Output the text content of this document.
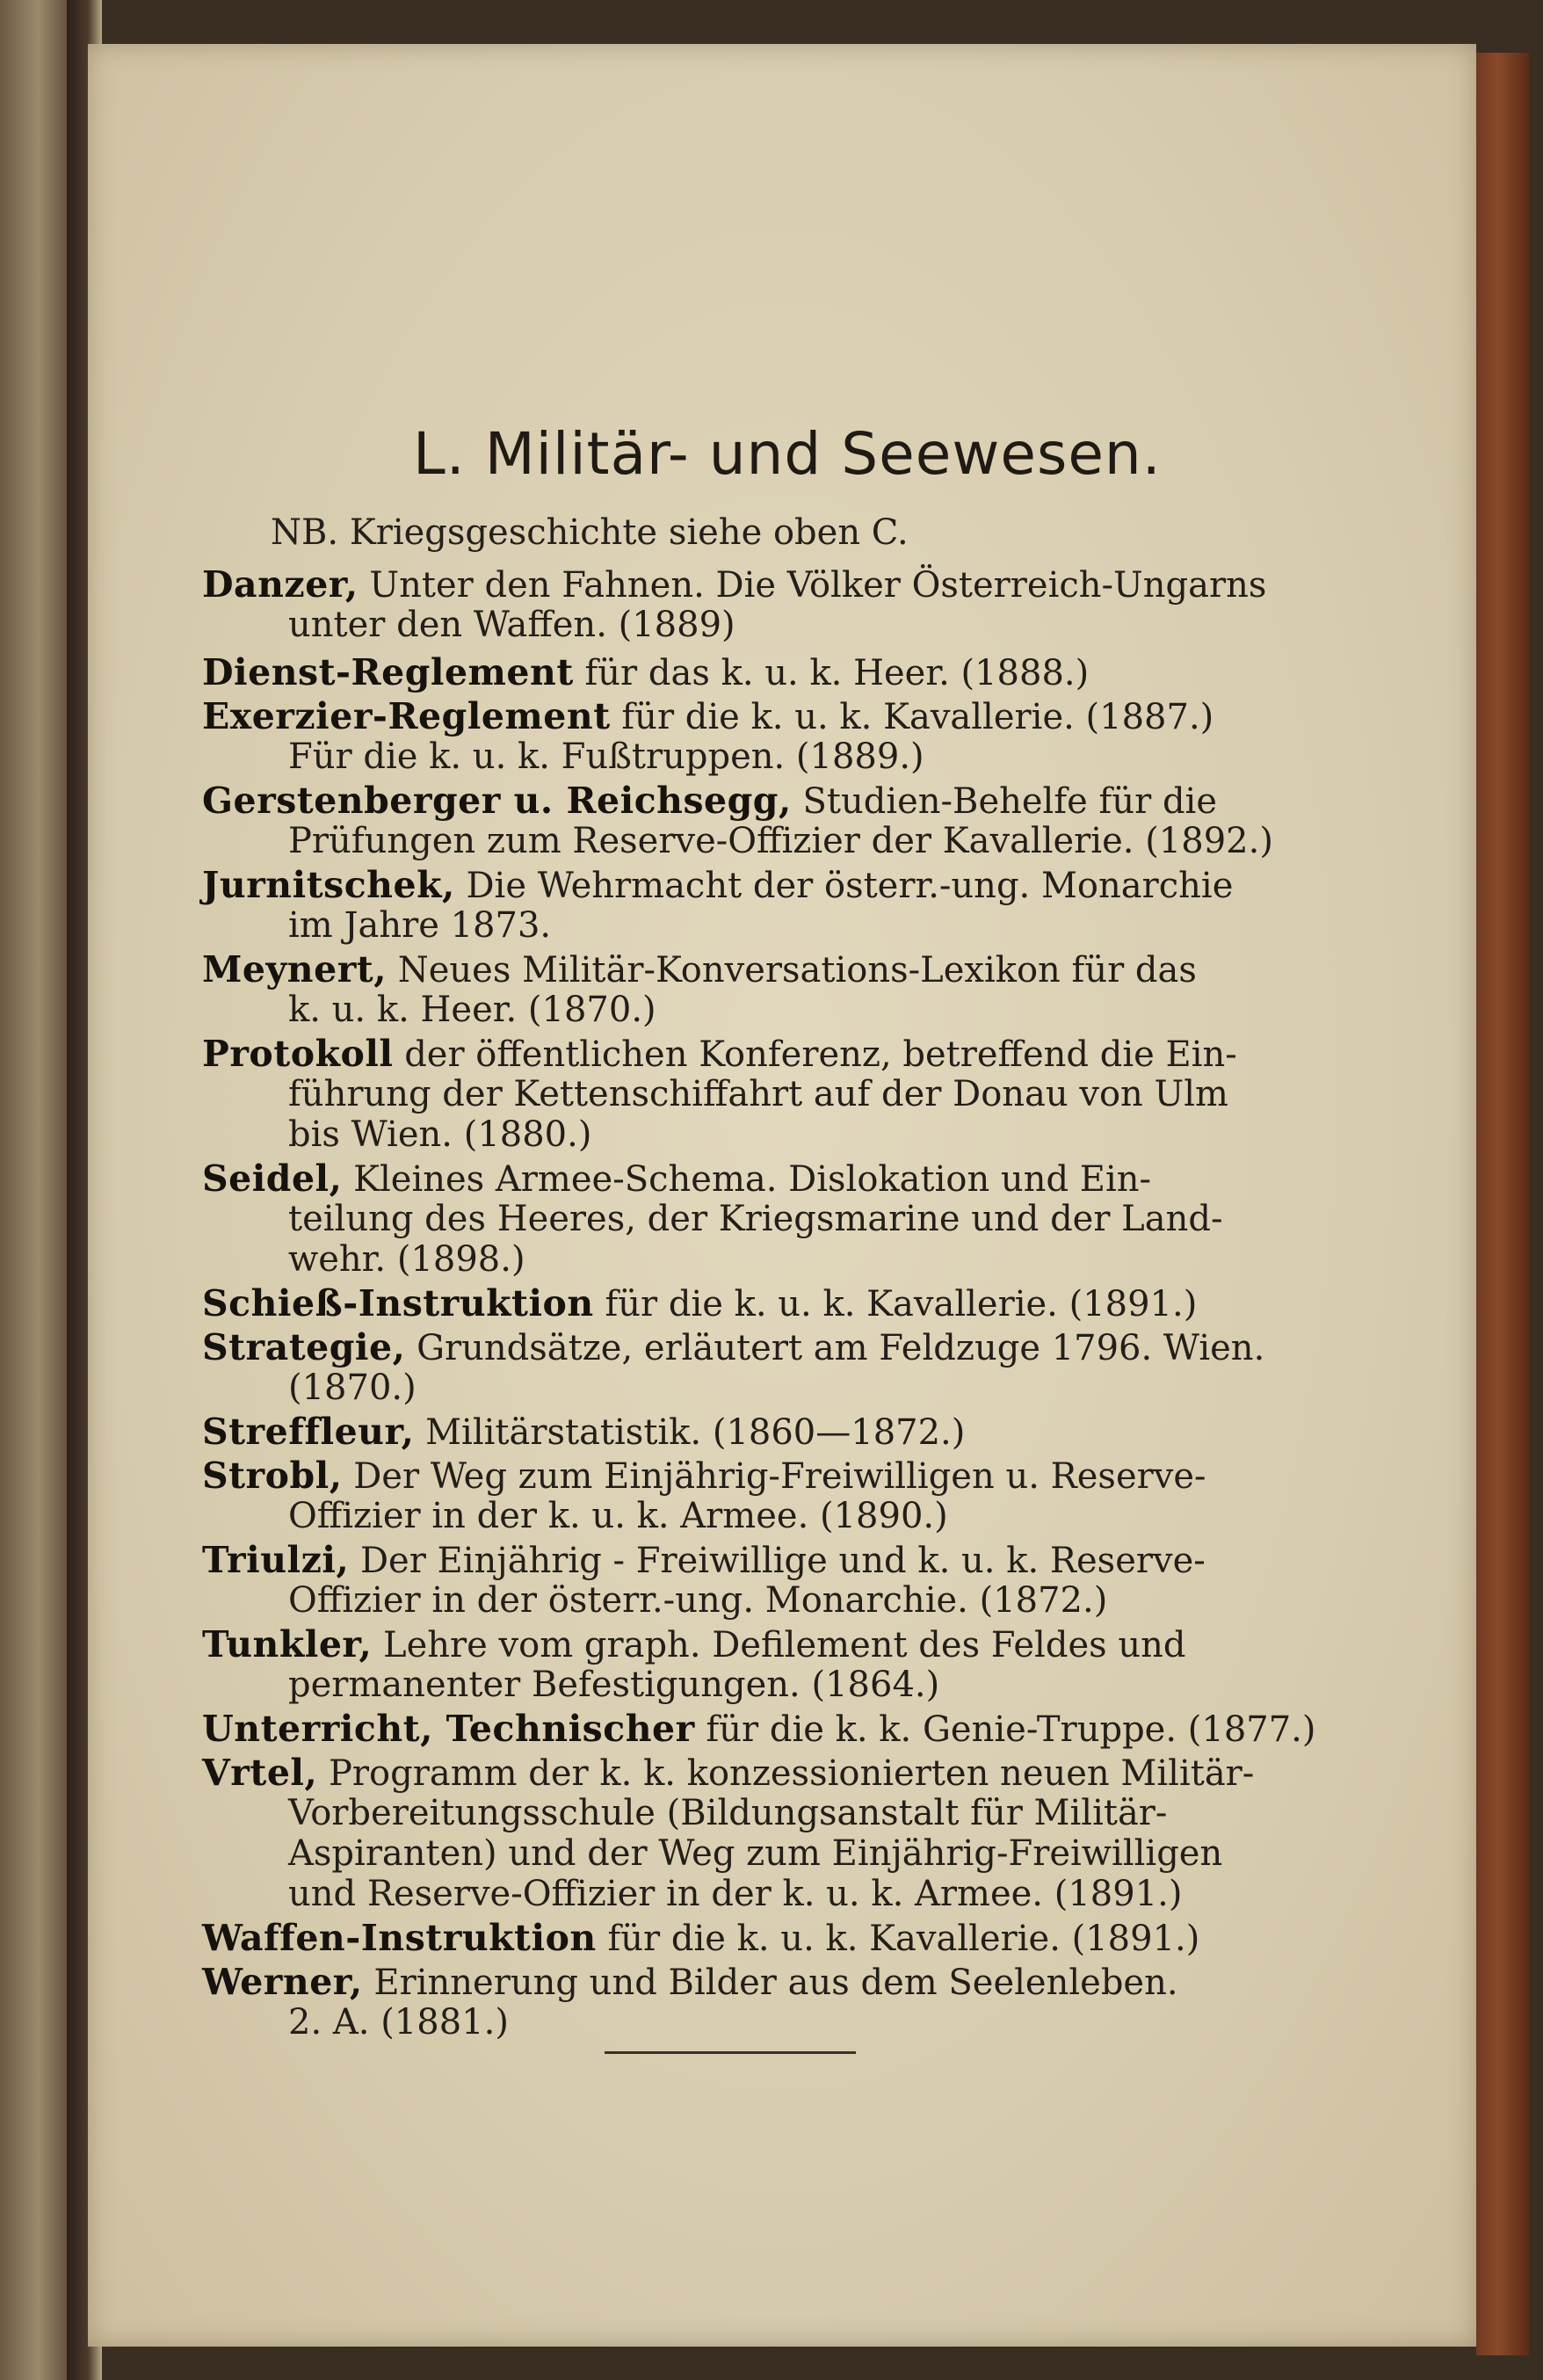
L. Militär- und Seewesen.
NB. Kriegsgeschichte siehe oben C.
Danzer, Unter den Fahnen. Die Völker Österreich-Ungarns
unter den Waffen. (1889)
Dienst-Reglement für das k. u. k. Heer. (1888.)
Exerzier-Reglement für die k. u. k. Kavallerie. (1887.)
Für die k. u. k. Fußtruppen. (1889.)
Gerstenberger u. Reichsegg, Studien-Behelfe für die
Prüfungen zum Reserve-Offizier der Kavallerie. (1892.)
Jurnitschek, Die Wehrmacht der österr.-ung. Monarchie
im Jahre 1873.
Meynert, Neues Militär-Konversations-Lexikon für das
k. u. k. Heer. (1870.)
Protokoll der öffentlichen Konferenz, betreffend die Ein-
führung der Kettenschiffahrt auf der Donau von Ulm
bis Wien. (1880.)
Seidel, Kleines Armee-Schema. Dislokation und Ein-
teilung des Heeres, der Kriegsmarine und der Land-
wehr. (1898.)
Schieß-Instruktion für die k. u. k. Kavallerie. (1891.)
Strategie, Grundsätze, erläutert am Feldzuge 1796. Wien.
(1870.)
Streffleur, Militärstatistik. (1860—1872.)
Strobl, Der Weg zum Einjährig-Freiwilligen u. Reserve-
Offizier in der k. u. k. Armee. (1890.)
Triulzi, Der Einjährig - Freiwillige und k. u. k. Reserve-
Offizier in der österr.-ung. Monarchie. (1872.)
Tunkler, Lehre vom graph. Defilement des Feldes und
permanenter Befestigungen. (1864.)
Unterricht, Technischer für die k. k. Genie-Truppe. (1877.)
Vrtel, Programm der k. k. konzessionierten neuen Militär-
Vorbereitungsschule (Bildungsanstalt für Militär-
Aspiranten) und der Weg zum Einjährig-Freiwilligen
und Reserve-Offizier in der k. u. k. Armee. (1891.)
Waffen-Instruktion für die k. u. k. Kavallerie. (1891.)
Werner, Erinnerung und Bilder aus dem Seelenleben.
2. A. (1881.)
